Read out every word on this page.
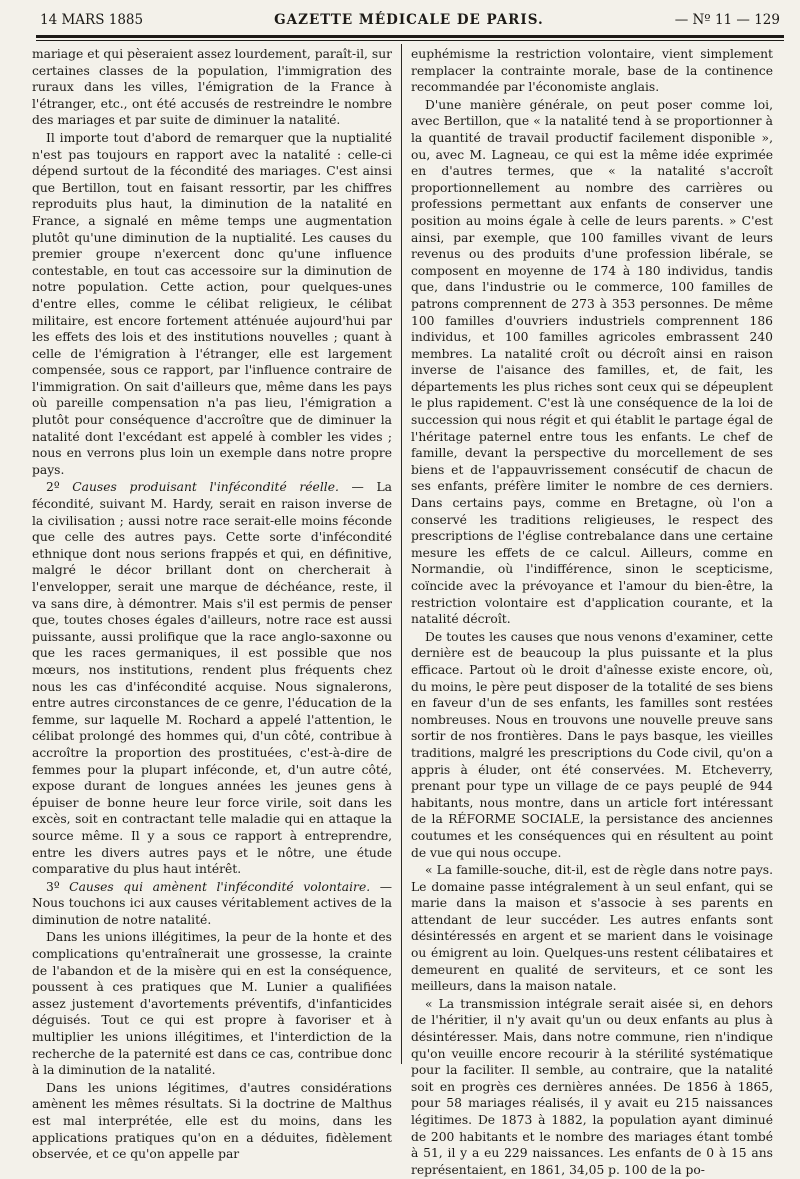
14 MARS 1885	GAZETTE MÉDICALE DE PARIS.	— Nº 11 — 129

mariage et qui pèseraient assez lourdement, paraît-il, sur certaines classes de la population, l'immigration des ruraux dans les villes, l'émigration de la France à l'étranger, etc., ont été accusés de restreindre le nombre des mariages et par suite de diminuer la natalité.

Il importe tout d'abord de remarquer que la nuptialité n'est pas toujours en rapport avec la natalité : celle-ci dépend surtout de la fécondité des mariages. C'est ainsi que Bertillon, tout en faisant ressortir, par les chiffres reproduits plus haut, la diminution de la natalité en France, a signalé en même temps une augmentation plutôt qu'une diminution de la nuptialité. Les causes du premier groupe n'exercent donc qu'une influence contestable, en tout cas accessoire sur la diminution de notre population. Cette action, pour quelques-unes d'entre elles, comme le célibat religieux, le célibat militaire, est encore fortement atténuée aujourd'hui par les effets des lois et des institutions nouvelles ; quant à celle de l'émigration à l'étranger, elle est largement compensée, sous ce rapport, par l'influence contraire de l'immigration. On sait d'ailleurs que, même dans les pays où pareille compensation n'a pas lieu, l'émigration a plutôt pour conséquence d'accroître que de diminuer la natalité dont l'excédant est appelé à combler les vides ; nous en verrons plus loin un exemple dans notre propre pays.

2º Causes produisant l'infécondité réelle. — La fécondité, suivant M. Hardy, serait en raison inverse de la civilisation ; aussi notre race serait-elle moins féconde que celle des autres pays. Cette sorte d'infécondité ethnique dont nous serions frappés et qui, en définitive, malgré le décor brillant dont on chercherait à l'envelopper, serait une marque de déchéance, reste, il va sans dire, à démontrer. Mais s'il est permis de penser que, toutes choses égales d'ailleurs, notre race est aussi puissante, aussi prolifique que la race anglo-saxonne ou que les races germaniques, il est possible que nos mœurs, nos institutions, rendent plus fréquents chez nous les cas d'infécondité acquise. Nous signalerons, entre autres circonstances de ce genre, l'éducation de la femme, sur laquelle M. Rochard a appelé l'attention, le célibat prolongé des hommes qui, d'un côté, contribue à accroître la proportion des prostituées, c'est-à-dire de femmes pour la plupart inféconde, et, d'un autre côté, expose durant de longues années les jeunes gens à épuiser de bonne heure leur force virile, soit dans les excès, soit en contractant telle maladie qui en attaque la source même. Il y a sous ce rapport à entreprendre, entre les divers autres pays et le nôtre, une étude comparative du plus haut intérêt.

3º Causes qui amènent l'infécondité volontaire. — Nous touchons ici aux causes véritablement actives de la diminution de notre natalité.

Dans les unions illégitimes, la peur de la honte et des complications qu'entraînerait une grossesse, la crainte de l'abandon et de la misère qui en est la conséquence, poussent à ces pratiques que M. Lunier a qualifiées assez justement d'avortements préventifs, d'infanticides déguisés. Tout ce qui est propre à favoriser et à multiplier les unions illégitimes, et l'interdiction de la recherche de la paternité est dans ce cas, contribue donc à la diminution de la natalité.

Dans les unions légitimes, d'autres considérations amènent les mêmes résultats. Si la doctrine de Malthus est mal interprétée, elle est du moins, dans les applications pratiques qu'on en a déduites, fidèlement observée, et ce qu'on appelle par

euphémisme la restriction volontaire, vient simplement remplacer la contrainte morale, base de la continence recommandée par l'économiste anglais.

D'une manière générale, on peut poser comme loi, avec Bertillon, que « la natalité tend à se proportionner à la quantité de travail productif facilement disponible », ou, avec M. Lagneau, ce qui est la même idée exprimée en d'autres termes, que « la natalité s'accroît proportionnellement au nombre des carrières ou professions permettant aux enfants de conserver une position au moins égale à celle de leurs parents. » C'est ainsi, par exemple, que 100 familles vivant de leurs revenus ou des produits d'une profession libérale, se composent en moyenne de 174 à 180 individus, tandis que, dans l'industrie ou le commerce, 100 familles de patrons comprennent de 273 à 353 personnes. De même 100 familles d'ouvriers industriels comprennent 186 individus, et 100 familles agricoles embrassent 240 membres. La natalité croît ou décroît ainsi en raison inverse de l'aisance des familles, et, de fait, les départements les plus riches sont ceux qui se dépeuplent le plus rapidement. C'est là une conséquence de la loi de succession qui nous régit et qui établit le partage égal de l'héritage paternel entre tous les enfants. Le chef de famille, devant la perspective du morcellement de ses biens et de l'appauvrissement consécutif de chacun de ses enfants, préfère limiter le nombre de ces derniers. Dans certains pays, comme en Bretagne, où l'on a conservé les traditions religieuses, le respect des prescriptions de l'église contrebalance dans une certaine mesure les effets de ce calcul. Ailleurs, comme en Normandie, où l'indifférence, sinon le scepticisme, coïncide avec la prévoyance et l'amour du bien-être, la restriction volontaire est d'application courante, et la natalité décroît.

De toutes les causes que nous venons d'examiner, cette dernière est de beaucoup la plus puissante et la plus efficace. Partout où le droit d'aînesse existe encore, où, du moins, le père peut disposer de la totalité de ses biens en faveur d'un de ses enfants, les familles sont restées nombreuses. Nous en trouvons une nouvelle preuve sans sortir de nos frontières. Dans le pays basque, les vieilles traditions, malgré les prescriptions du Code civil, qu'on a appris à éluder, ont été conservées. M. Etcheverry, prenant pour type un village de ce pays peuplé de 944 habitants, nous montre, dans un article fort intéressant de la RÉFORME SOCIALE, la persistance des anciennes coutumes et les conséquences qui en résultent au point de vue qui nous occupe.

« La famille-souche, dit-il, est de règle dans notre pays. Le domaine passe intégralement à un seul enfant, qui se marie dans la maison et s'associe à ses parents en attendant de leur succéder. Les autres enfants sont désintéressés en argent et se marient dans le voisinage ou émigrent au loin. Quelques-uns restent célibataires et demeurent en qualité de serviteurs, et ce sont les meilleurs, dans la maison natale.

« La transmission intégrale serait aisée si, en dehors de l'héritier, il n'y avait qu'un ou deux enfants au plus à désintéresser. Mais, dans notre commune, rien n'indique qu'on veuille encore recourir à la stérilité systématique pour la faciliter. Il semble, au contraire, que la natalité soit en progrès ces dernières années. De 1856 à 1865, pour 58 mariages réalisés, il y avait eu 215 naissances légitimes. De 1873 à 1882, la population ayant diminué de 200 habitants et le nombre des mariages étant tombé à 51, il y a eu 229 naissances. Les enfants de 0 à 15 ans représentaient, en 1861, 34,05 p. 100 de la po-
